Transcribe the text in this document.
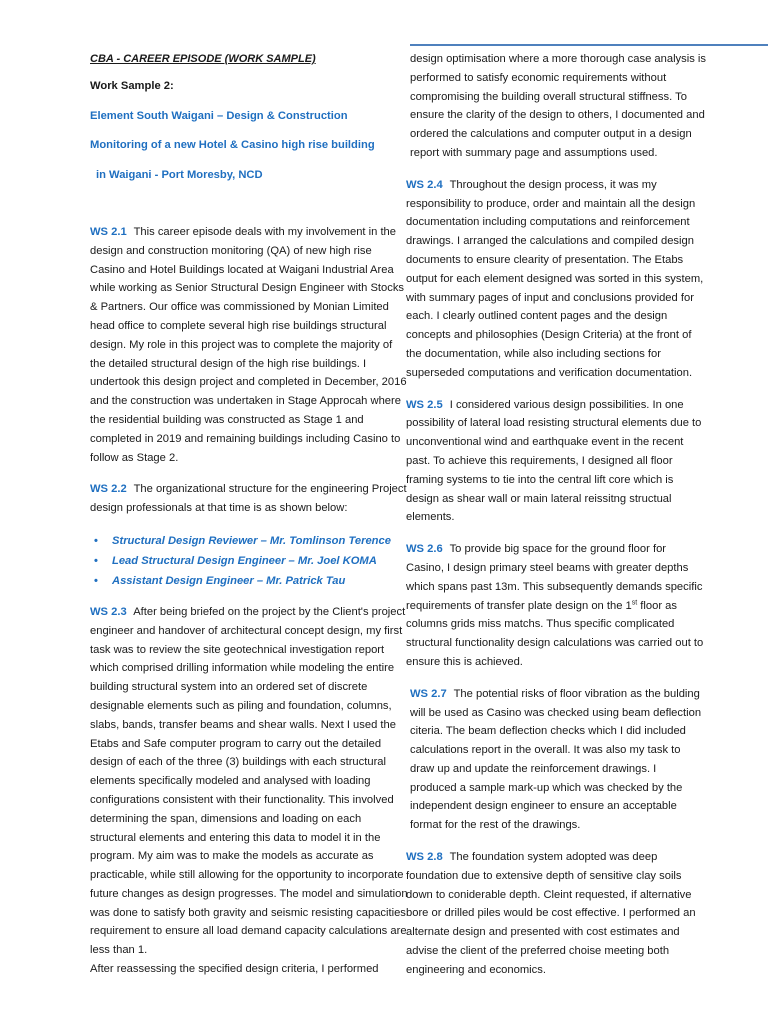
CBA - CAREER EPISODE (WORK SAMPLE)
Work Sample 2:
Element South Waigani – Design & Construction
Monitoring of a new Hotel & Casino high rise building
in Waigani - Port Moresby, NCD

WS 2.1 This career episode deals with my involvement in the design and construction monitoring (QA) of new high rise Casino and Hotel Buildings located at Waigani Industrial Area while working as Senior Structural Design Engineer with Stocks & Partners. Our office was commissioned by Monian Limited head office to complete several high rise buildings structural design. My role in this project was to complete the majority of the detailed structural design of the high rise buildings. I undertook this design project and completed in December, 2016 and the construction was undertaken in Stage Approcah where the residential building was constructed as Stage 1 and completed in 2019 and remaining buildings including Casino to follow as Stage 2.

WS 2.2 The organizational structure for the engineering Project design professionals at that time is as shown below:

• Structural Design Reviewer – Mr. Tomlinson Terence
• Lead Structural Design Engineer – Mr. Joel KOMA
• Assistant Design Engineer – Mr. Patrick Tau

WS 2.3 After being briefed on the project by the Client's project engineer and handover of architectural concept design, my first task was to review the site geotechnical investigation report which comprised drilling information while modeling the entire building structural system into an ordered set of discrete designable elements such as piling and foundation, columns, slabs, bands, transfer beams and shear walls. Next I used the Etabs and Safe computer program to carry out the detailed design of each of the three (3) buildings with each structural elements specifically modeled and analysed with loading configurations consistent with their functionality. This involved determining the span, dimensions and loading on each structural elements and entering this data to model it in the program. My aim was to make the models as accurate as practicable, while still allowing for the opportunity to incorporate future changes as design progresses. The model and simulation was done to satisfy both gravity and seismic resisting capacities requirement to ensure all load demand capacity calculations are less than 1.

After reassessing the specified design criteria, I performed

design optimisation where a more thorough case analysis is performed to satisfy economic requirements without compromising the building overall structural stiffness. To ensure the clarity of the design to others, I documented and ordered the calculations and computer output in a design report with summary page and assumptions used.

WS 2.4 Throughout the design process, it was my responsibility to produce, order and maintain all the design documentation including computations and reinforcement drawings. I arranged the calculations and compiled design documents to ensure clearity of presentation. The Etabs output for each element designed was sorted in this system, with summary pages of input and conclusions provided for each. I clearly outlined content pages and the design concepts and philosophies (Design Criteria) at the front of the documentation, while also including sections for superseded computations and verification documentation.

WS 2.5 I considered various design possibilities. In one possibility of lateral load resisting structural elements due to unconventional wind and earthquake event in the recent past. To achieve this requirements, I designed all floor framing systems to tie into the central lift core which is design as shear wall or main lateral reissitng structual elements.

WS 2.6 To provide big space for the ground floor for Casino, I design primary steel beams with greater depths which spans past 13m. This subsequently demands specific requirements of transfer plate design on the 1st floor as columns grids miss matchs. Thus specific complicated structural functionality design calculations was carried out to ensure this is achieved.

WS 2.7 The potential risks of floor vibration as the bulding will be used as Casino was checked using beam deflection citeria. The beam deflection checks which I did included calculations report in the overall. It was also my task to draw up and update the reinforcement drawings. I produced a sample mark-up which was checked by the independent design engineer to ensure an acceptable format for the rest of the drawings.

WS 2.8 The foundation system adopted was deep foundation due to extensive depth of sensitive clay soils down to coniderable depth. Cleint requested, if alternative bore or drilled piles would be cost effective. I performed an alternate design and presented with cost estimates and advise the client of the preferred choise meeting both engineering and economics.
